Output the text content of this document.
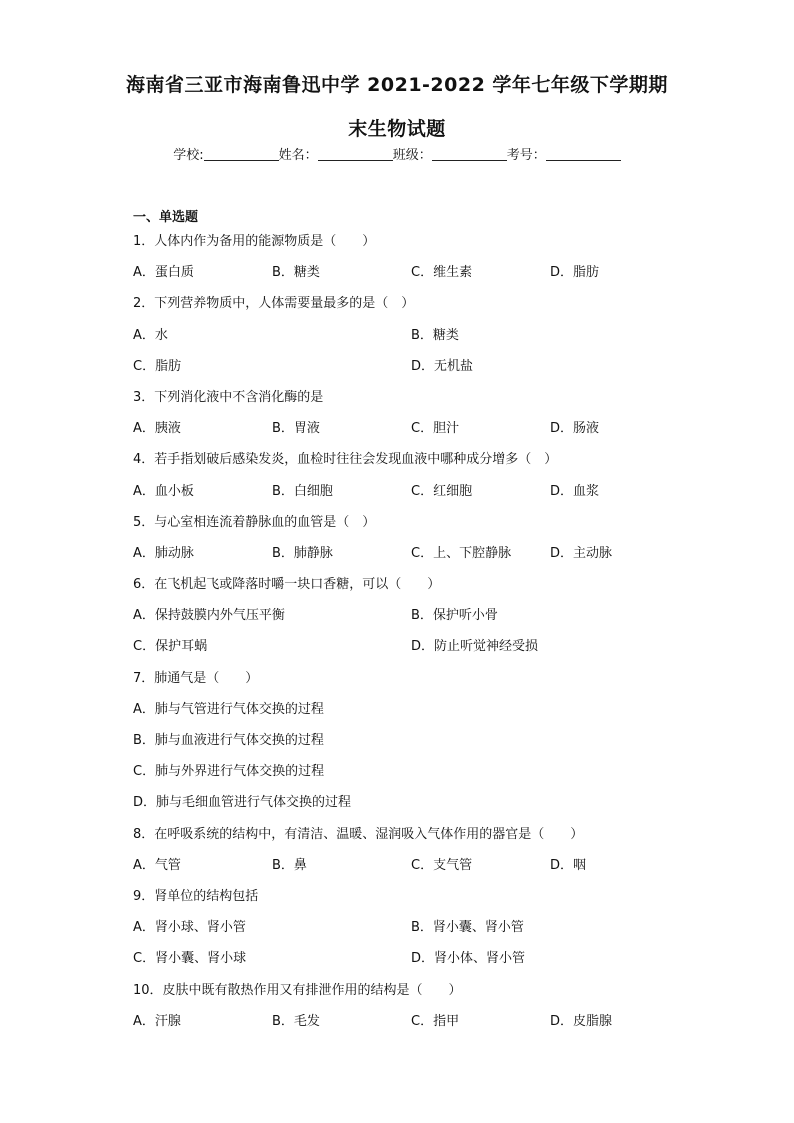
海南省三亚市海南鲁迅中学 2021-2022 学年七年级下学期期
末生物试题
学校:	姓名：	班级：	考号：
一、单选题
1．人体内作为备用的能源物质是（　　）
A．蛋白质	B．糖类	C．维生素	D．脂肪
2．下列营养物质中，人体需要量最多的是（　）
A．水	B．糖类
C．脂肪	D．无机盐
3．下列消化液中不含消化酶的是
A．胰液	B．胃液	C．胆汁	D．肠液
4．若手指划破后感染发炎，血检时往往会发现血液中哪种成分增多（　）
A．血小板	B．白细胞	C．红细胞	D．血浆
5．与心室相连流着静脉血的血管是（　）
A．肺动脉	B．肺静脉	C．上、下腔静脉	D．主动脉
6．在飞机起飞或降落时嚼一块口香糖，可以（　　）
A．保持鼓膜内外气压平衡	B．保护听小骨
C．保护耳蜗	D．防止听觉神经受损
7．肺通气是（　　）
A．肺与气管进行气体交换的过程
B．肺与血液进行气体交换的过程
C．肺与外界进行气体交换的过程
D．肺与毛细血管进行气体交换的过程
8．在呼吸系统的结构中，有清洁、温暖、湿润吸入气体作用的器官是（　　）
A．气管	B．鼻	C．支气管	D．咽
9．肾单位的结构包括
A．肾小球、肾小管	B．肾小囊、肾小管
C．肾小囊、肾小球	D．肾小体、肾小管
10．皮肤中既有散热作用又有排泄作用的结构是（　　）
A．汗腺	B．毛发	C．指甲	D．皮脂腺
